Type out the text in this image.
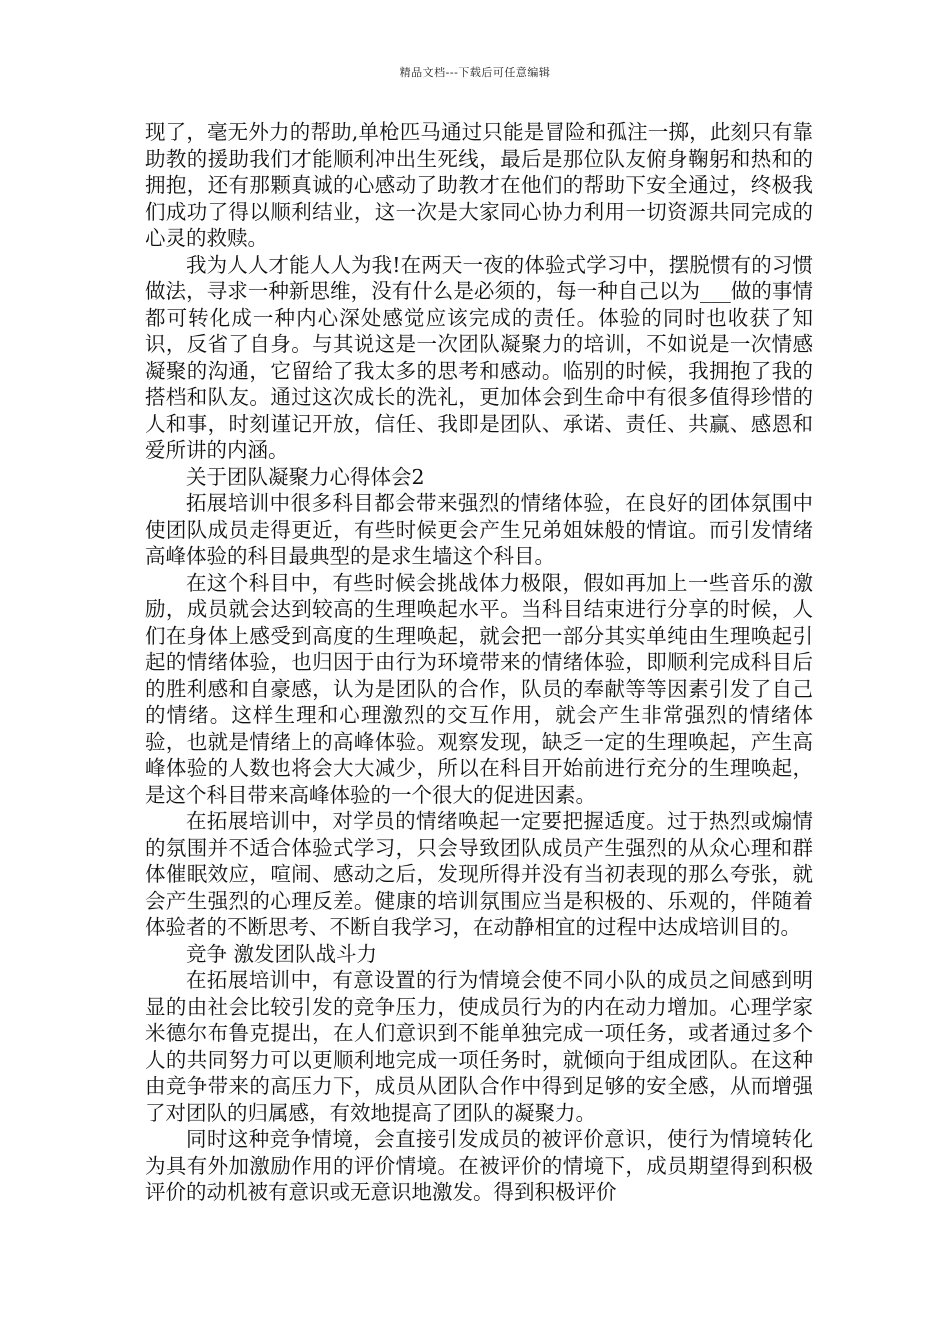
精品文档---下载后可任意编辑

现了，毫无外力的帮助,单枪匹马通过只能是冒险和孤注一掷，此刻只有靠助教的援助我们才能顺利冲出生死线，最后是那位队友俯身鞠躬和热和的拥抱，还有那颗真诚的心感动了助教才在他们的帮助下安全通过，终极我们成功了得以顺利结业，这一次是大家同心协力利用一切资源共同完成的心灵的救赎。

我为人人才能人人为我!在两天一夜的体验式学习中，摆脱惯有的习惯做法，寻求一种新思维，没有什么是必须的，每一种自己以为___做的事情都可转化成一种内心深处感觉应该完成的责任。体验的同时也收获了知识，反省了自身。与其说这是一次团队凝聚力的培训，不如说是一次情感凝聚的沟通，它留给了我太多的思考和感动。临别的时候，我拥抱了我的搭档和队友。通过这次成长的洗礼，更加体会到生命中有很多值得珍惜的人和事，时刻谨记开放，信任、我即是团队、承诺、责任、共赢、感恩和爱所讲的内涵。

关于团队凝聚力心得体会2

拓展培训中很多科目都会带来强烈的情绪体验，在良好的团体氛围中使团队成员走得更近，有些时候更会产生兄弟姐妹般的情谊。而引发情绪高峰体验的科目最典型的是求生墙这个科目。

在这个科目中，有些时候会挑战体力极限，假如再加上一些音乐的激励，成员就会达到较高的生理唤起水平。当科目结束进行分享的时候，人们在身体上感受到高度的生理唤起，就会把一部分其实单纯由生理唤起引起的情绪体验，也归因于由行为环境带来的情绪体验，即顺利完成科目后的胜利感和自豪感，认为是团队的合作，队员的奉献等等因素引发了自己的情绪。这样生理和心理激烈的交互作用，就会产生非常强烈的情绪体验，也就是情绪上的高峰体验。观察发现，缺乏一定的生理唤起，产生高峰体验的人数也将会大大减少，所以在科目开始前进行充分的生理唤起，是这个科目带来高峰体验的一个很大的促进因素。

在拓展培训中，对学员的情绪唤起一定要把握适度。过于热烈或煽情的氛围并不适合体验式学习，只会导致团队成员产生强烈的从众心理和群体催眠效应，喧闹、感动之后，发现所得并没有当初表现的那么夸张，就会产生强烈的心理反差。健康的培训氛围应当是积极的、乐观的，伴随着体验者的不断思考、不断自我学习，在动静相宜的过程中达成培训目的。

竞争 激发团队战斗力

在拓展培训中，有意设置的行为情境会使不同小队的成员之间感到明显的由社会比较引发的竞争压力，使成员行为的内在动力增加。心理学家米德尔布鲁克提出，在人们意识到不能单独完成一项任务，或者通过多个人的共同努力可以更顺利地完成一项任务时，就倾向于组成团队。在这种由竞争带来的高压力下，成员从团队合作中得到足够的安全感，从而增强了对团队的归属感，有效地提高了团队的凝聚力。

同时这种竞争情境，会直接引发成员的被评价意识，使行为情境转化为具有外加激励作用的评价情境。在被评价的情境下，成员期望得到积极评价的动机被有意识或无意识地激发。得到积极评价
